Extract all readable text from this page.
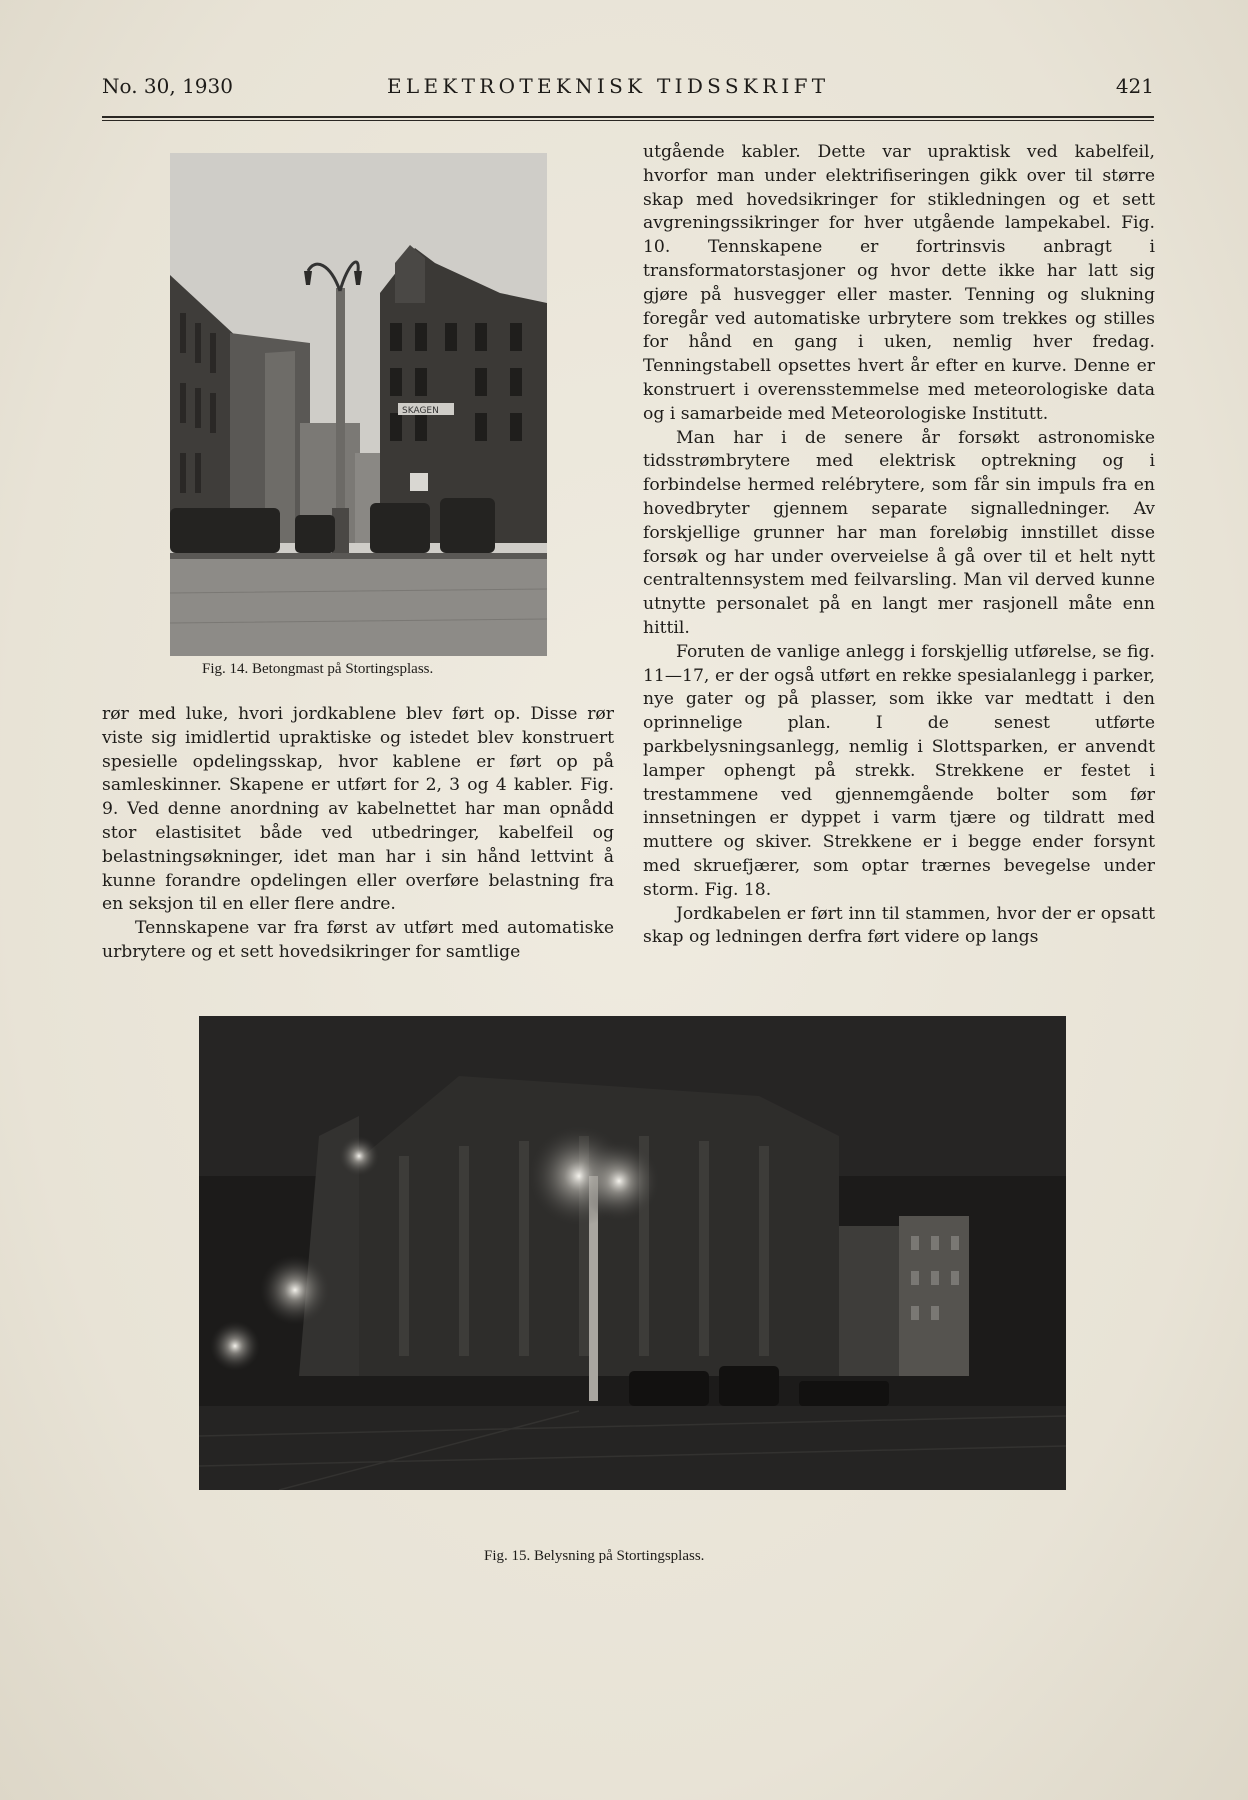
No. 30, 1930	ELEKTROTEKNISK TIDSSKRIFT	421
SKAGEN
Fig. 14. Betongmast på Stortingsplass.

rør med luke, hvori jordkablene blev ført op. Disse rør viste sig imidlertid upraktiske og istedet blev konstruert spesielle opdelingsskap, hvor kablene er ført op på samleskinner. Skapene er utført for 2, 3 og 4 kabler. Fig. 9. Ved denne anordning av kabelnettet har man opnådd stor elastisitet både ved utbedringer, kabelfeil og belastningsøkninger, idet man har i sin hånd lettvint å kunne forandre opdelingen eller overføre belastning fra en seksjon til en eller flere andre.

Tennskapene var fra først av utført med automatiske urbrytere og et sett hovedsikringer for samtlige

utgående kabler. Dette var upraktisk ved kabelfeil, hvorfor man under elektrifiseringen gikk over til større skap med hovedsikringer for stikledningen og et sett avgreningssikringer for hver utgående lampekabel. Fig. 10. Tennskapene er fortrinsvis anbragt i transformatorstasjoner og hvor dette ikke har latt sig gjøre på husvegger eller master. Tenning og slukning foregår ved automatiske urbrytere som trekkes og stilles for hånd en gang i uken, nemlig hver fredag. Tenningstabell opsettes hvert år efter en kurve. Denne er konstruert i overensstemmelse med meteorologiske data og i samarbeide med Meteorologiske Institutt.

Man har i de senere år forsøkt astronomiske tidsstrømbrytere med elektrisk optrekning og i forbindelse hermed relébrytere, som får sin impuls fra en hovedbryter gjennem separate signalledninger. Av forskjellige grunner har man foreløbig innstillet disse forsøk og har under overveielse å gå over til et helt nytt centraltennsystem med feilvarsling. Man vil derved kunne utnytte personalet på en langt mer rasjonell måte enn hittil.

Foruten de vanlige anlegg i forskjellig utførelse, se fig. 11—17, er der også utført en rekke spesialanlegg i parker, nye gater og på plasser, som ikke var medtatt i den oprinnelige plan. I de senest utførte parkbelysningsanlegg, nemlig i Slottsparken, er anvendt lamper ophengt på strekk. Strekkene er festet i trestammene ved gjennemgående bolter som før innsetningen er dyppet i varm tjære og tildratt med muttere og skiver. Strekkene er i begge ender forsynt med skruefjærer, som optar trærnes bevegelse under storm. Fig. 18.

Jordkabelen er ført inn til stammen, hvor der er opsatt skap og ledningen derfra ført videre op langs

Fig. 15. Belysning på Stortingsplass.
